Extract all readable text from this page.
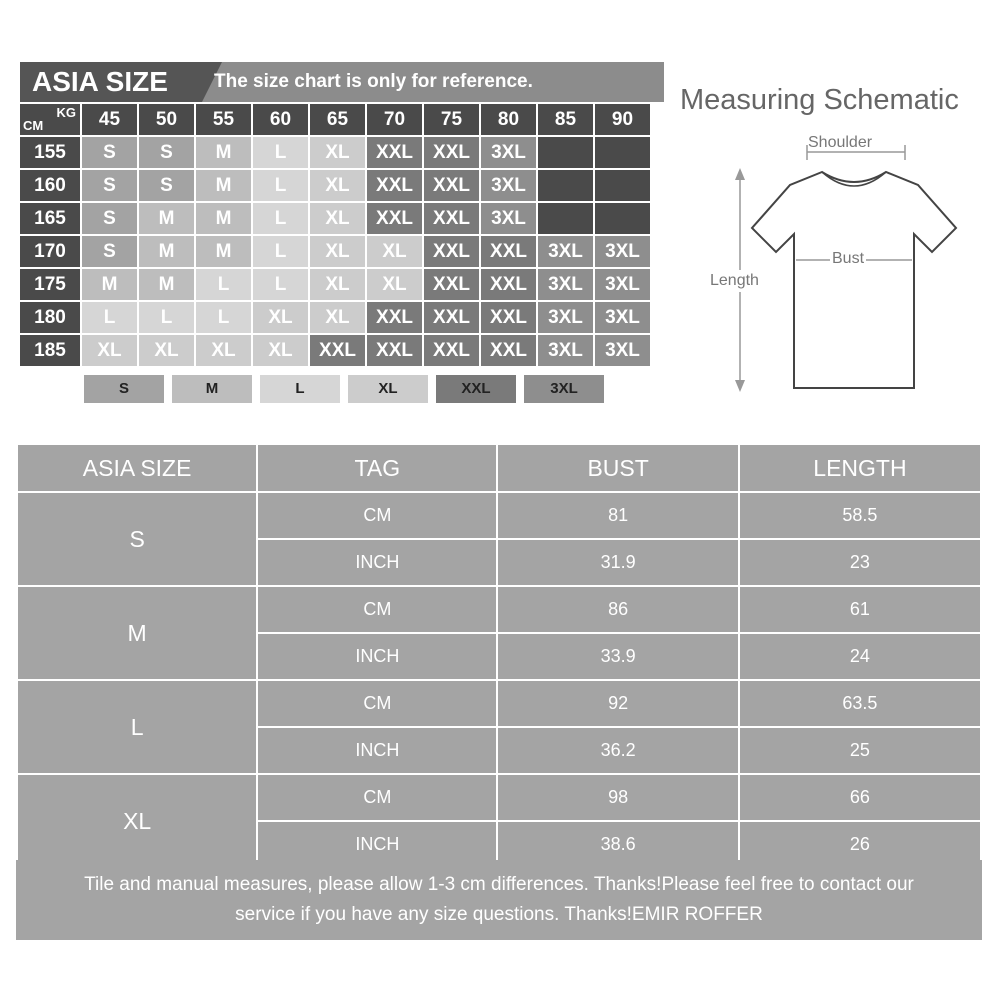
ASIA SIZE	The size chart is only for reference.
CM
KG	45	50	55	60	65	70	75	80	85	90
155	S	S	M	L	XL	XXL	XXL	3XL		
160	S	S	M	L	XL	XXL	XXL	3XL		
165	S	M	M	L	XL	XXL	XXL	3XL		
170	S	M	M	L	XL	XL	XXL	XXL	3XL	3XL
175	M	M	L	L	XL	XL	XXL	XXL	3XL	3XL
180	L	L	L	XL	XL	XXL	XXL	XXL	3XL	3XL
185	XL	XL	XL	XL	XXL	XXL	XXL	XXL	3XL	3XL
S	M	L	XL	XXL	3XL
Measuring Schematic
Shoulder
Bust
Length
ASIA SIZE	TAG	BUST	LENGTH
S	CM	81	58.5
	INCH	31.9	23
M	CM	86	61
	INCH	33.9	24
L	CM	92	63.5
	INCH	36.2	25
XL	CM	98	66
	INCH	38.6	26
Tile and manual measures, please allow 1-3 cm differences. Thanks!Please feel free to contact our
service if you have any size questions. Thanks!EMIR ROFFER
